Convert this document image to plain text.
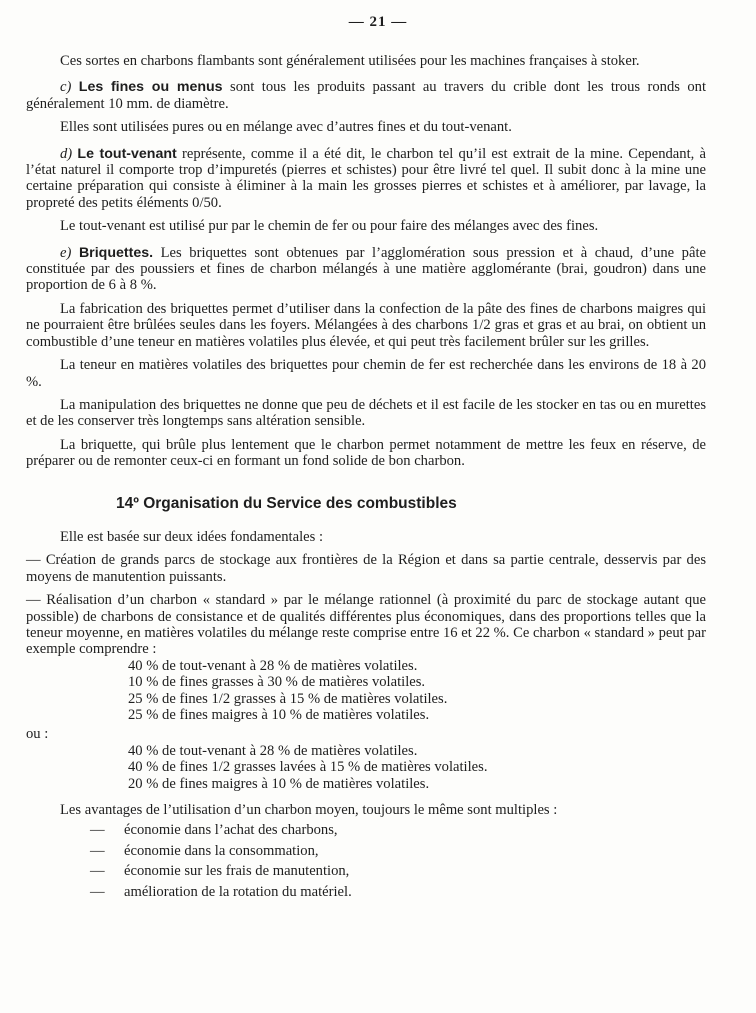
— 21 —

Ces sortes en charbons flambants sont généralement utilisées pour les machines françaises à stoker.

c) Les fines ou menus sont tous les produits passant au travers du crible dont les trous ronds ont généralement 10 mm. de diamètre.

Elles sont utilisées pures ou en mélange avec d’autres fines et du tout-venant.

d) Le tout-venant représente, comme il a été dit, le charbon tel qu’il est extrait de la mine. Cependant, à l’état naturel il comporte trop d’impuretés (pierres et schistes) pour être livré tel quel. Il subit donc à la mine une certaine préparation qui consiste à éliminer à la main les grosses pierres et schistes et à améliorer, par lavage, la propreté des petits éléments 0/50.

Le tout-venant est utilisé pur par le chemin de fer ou pour faire des mélanges avec des fines.

e) Briquettes. Les briquettes sont obtenues par l’agglomération sous pression et à chaud, d’une pâte constituée par des poussiers et fines de charbon mélangés à une matière agglomérante (brai, goudron) dans une proportion de 6 à 8 %.

La fabrication des briquettes permet d’utiliser dans la confection de la pâte des fines de charbons maigres qui ne pourraient être brûlées seules dans les foyers. Mélangées à des charbons 1/2 gras et gras et au brai, on obtient un combustible d’une teneur en matières volatiles plus élevée, et qui peut très facilement brûler sur les grilles.

La teneur en matières volatiles des briquettes pour chemin de fer est recherchée dans les environs de 18 à 20 %.

La manipulation des briquettes ne donne que peu de déchets et il est facile de les stocker en tas ou en murettes et de les conserver très longtemps sans altération sensible.

La briquette, qui brûle plus lentement que le charbon permet notamment de mettre les feux en réserve, de préparer ou de remonter ceux-ci en formant un fond solide de bon charbon.

14º Organisation du Service des combustibles

Elle est basée sur deux idées fondamentales :

— Création de grands parcs de stockage aux frontières de la Région et dans sa partie centrale, desservis par des moyens de manutention puissants.

— Réalisation d’un charbon « standard » par le mélange rationnel (à proximité du parc de stockage autant que possible) de charbons de consistance et de qualités différentes plus économiques, dans des proportions telles que la teneur moyenne, en matières volatiles du mélange reste comprise entre 16 et 22 %. Ce charbon « standard » peut par exemple comprendre :

40 % de tout-venant à 28 % de matières volatiles.
10 % de fines grasses à 30 % de matières volatiles.
25 % de fines 1/2 grasses à 15 % de matières volatiles.
25 % de fines maigres à 10 % de matières volatiles.

ou :

40 % de tout-venant à 28 % de matières volatiles.
40 % de fines 1/2 grasses lavées à 15 % de matières volatiles.
20 % de fines maigres à 10 % de matières volatiles.

Les avantages de l’utilisation d’un charbon moyen, toujours le même sont multiples :

— économie dans l’achat des charbons,
— économie dans la consommation,
— économie sur les frais de manutention,
— amélioration de la rotation du matériel.
